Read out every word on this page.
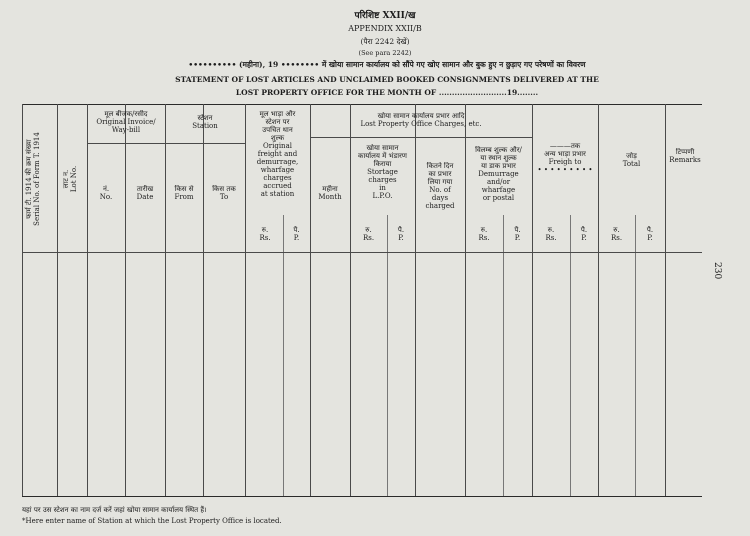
परिशिष्ट XXII/ख
APPENDIX XXII/B
(पैरा 2242 देखें)
(See para 2242)
•••••••••• (महीना), 19 •••••••• में खोया सामान कार्यालय को सौंपे गए खोए सामान और बुक हुए न छुड़ाए गए परेषणों का विवरण
STATEMENT OF LOST ARTICLES AND UNCLAIMED BOOKED CONSIGNMENTS DELIVERED AT THE
LOST PROPERTY OFFICE FOR THE MONTH OF ..........................19........
फार्म टी. 1914 की क्रम संख्या
Serial No. of Form T. 1914
लाट न.
Lot No.
मूल बीजक/रसीद
Original Invoice/
Way-bill
नं.
No.
तारीख
Date
स्टेशन
Station
किस से
From
किस तक
To
मूल भाड़ा और
स्टेशन पर
उपचित थान
शुल्क
Original
freight and
demurrage,
wharfage
charges
accrued
at station
खोया सामान कार्यालय प्रभार आदि
Lost Property Office Charges, etc.
महीना
Month
खोया सामान
कार्यालय में भंडारण
किराया
Stortage
charges
in
L.P.O.
कितने दिन
का प्रभार
लिया गया
No. of
days
charged
विलम्ब शुल्क और/
या स्थान शुल्क
या डाक प्रभार
Demurrage
and/or
wharfage
or postal
———तक
अन्य भाड़ा प्रभार
Freigh to
• • • • • • • • •
जोड़
Total
टिप्पणी
Remarks
रु.
Rs.
पै.
P.
रु.
Rs.
पै.
P.
रु.
Rs.
पै.
P.
रु.
Rs.
पै.
P.
रु.
Rs.
पै.
P.
यहां पर उस स्टेशन का नाम दर्ज करें जहां खोया सामान कार्यालय स्थित हैं।
*Here enter name of Station at which the Lost Property Office is located.
230
